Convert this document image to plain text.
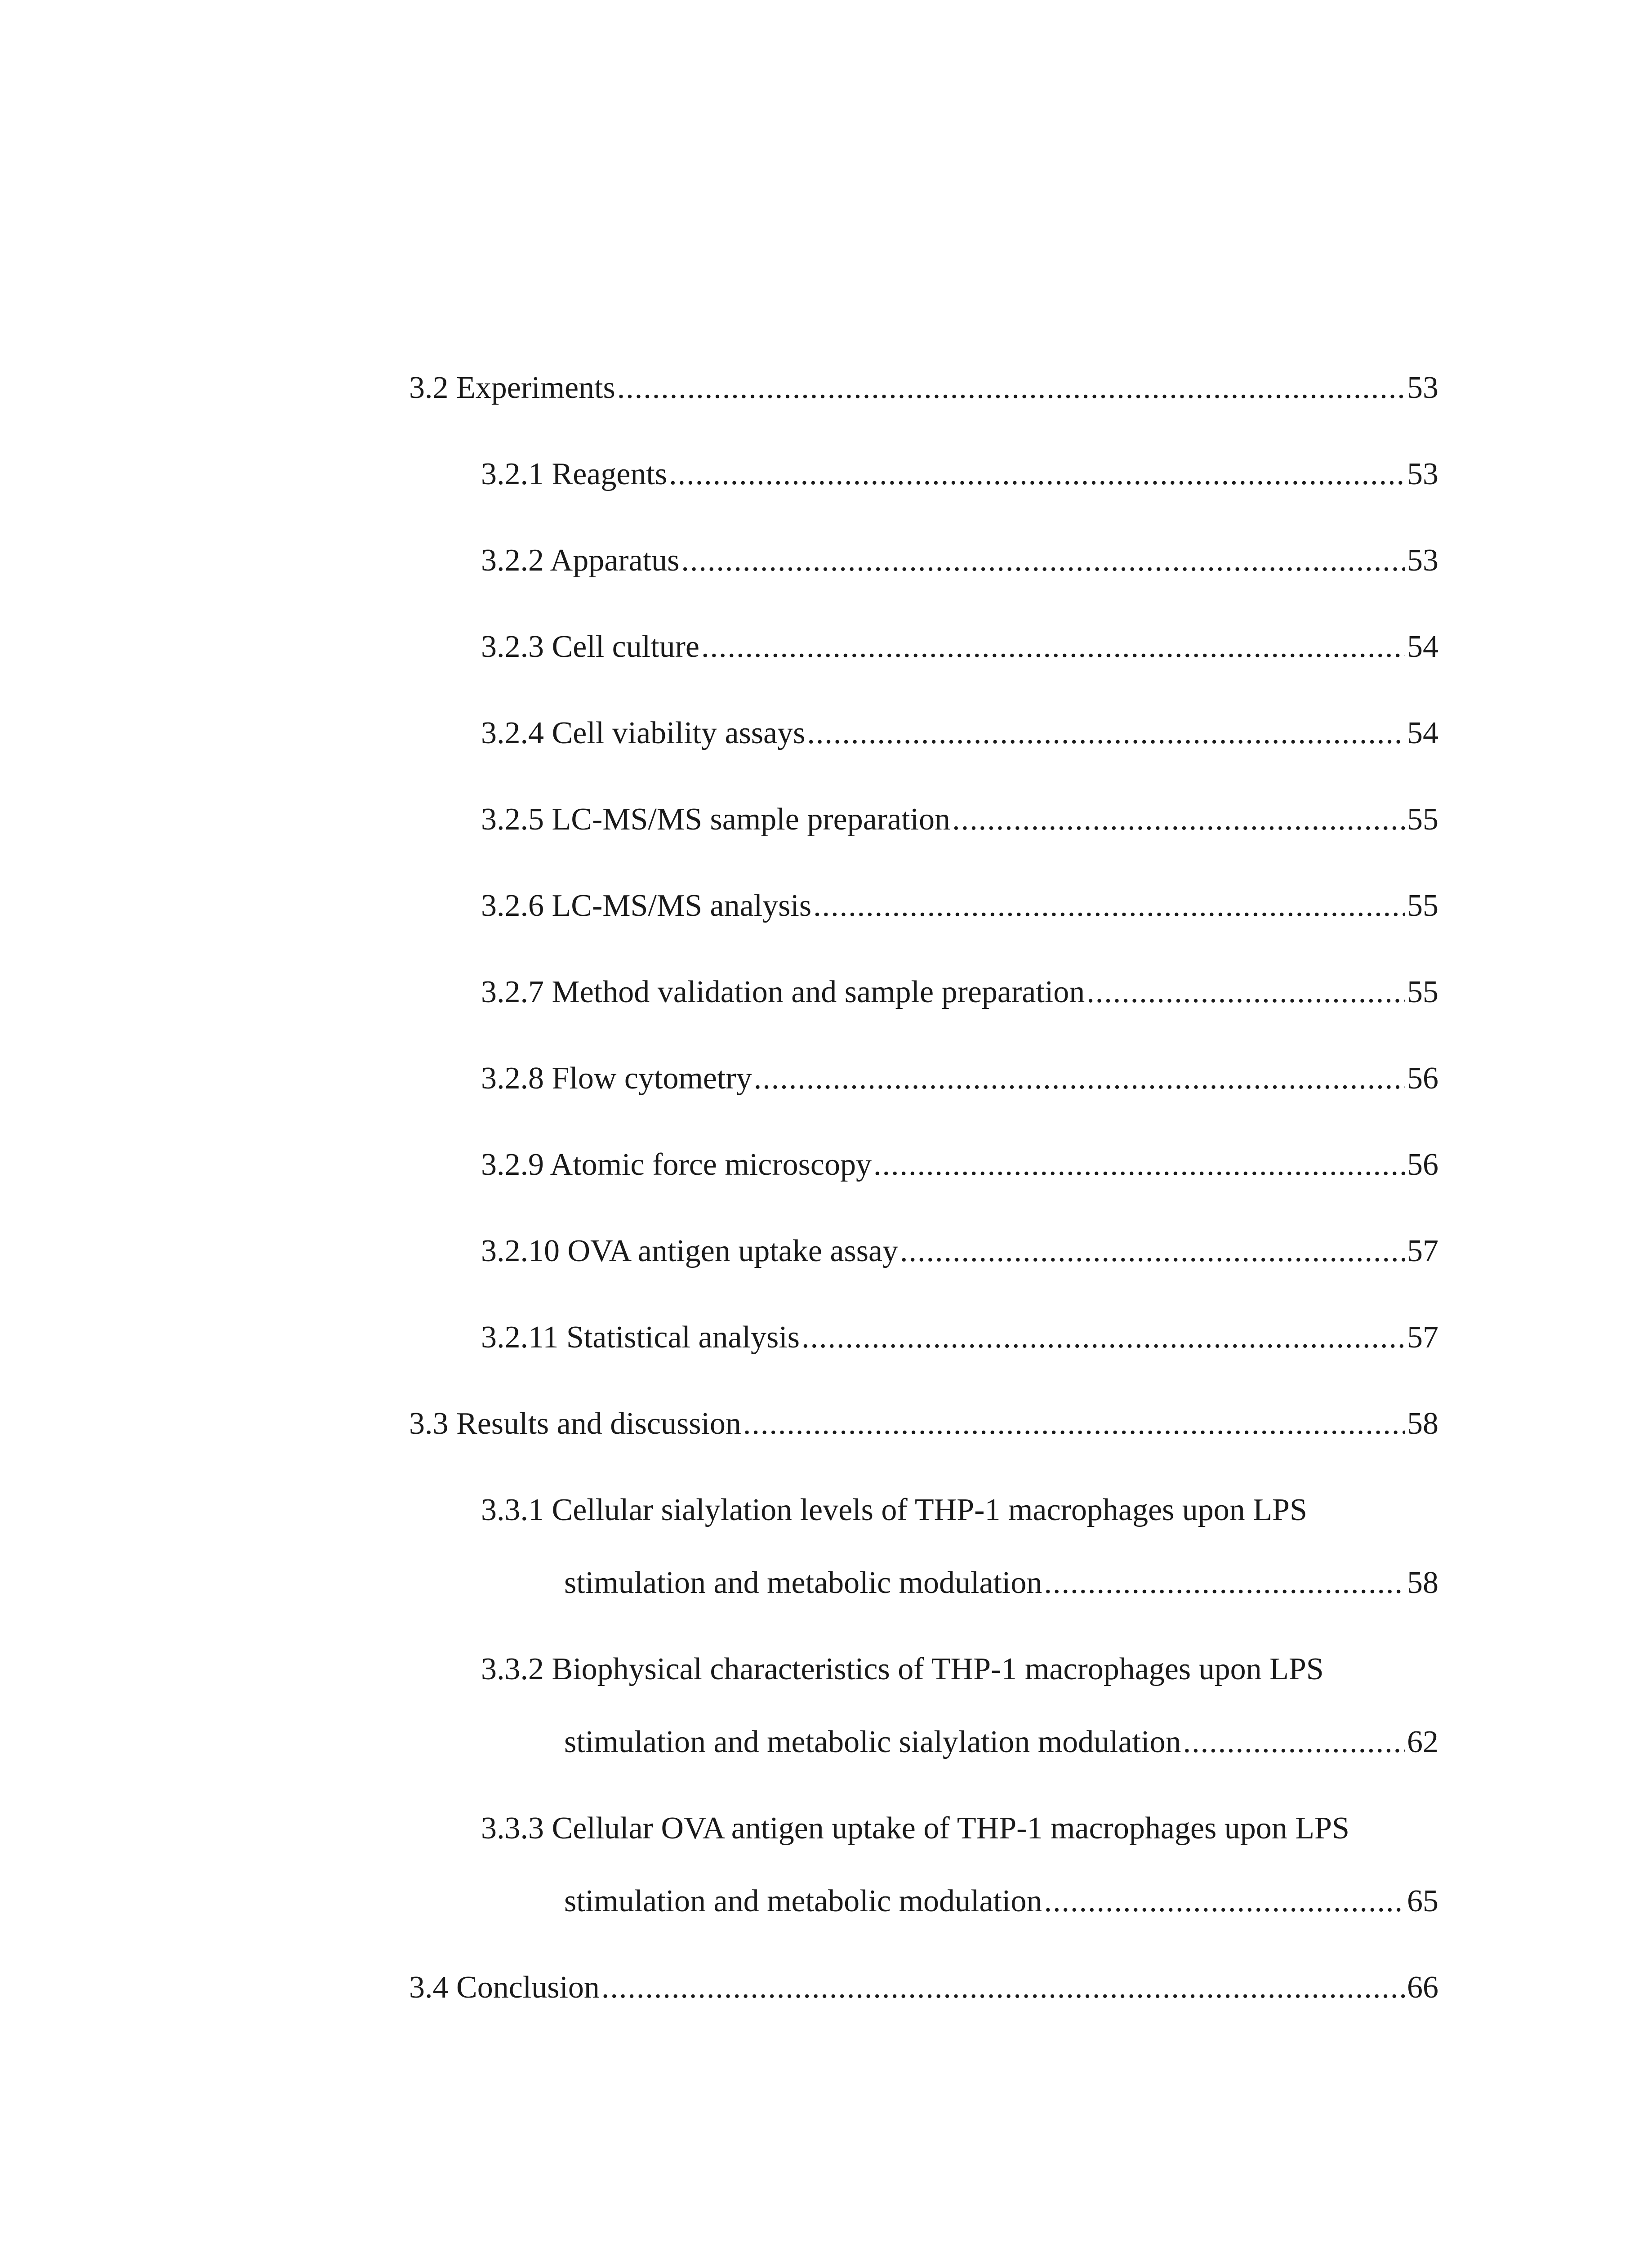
3.2 Experiments .....	53
3.2.1 Reagents .....	53
3.2.2 Apparatus .....	53
3.2.3 Cell culture .....	54
3.2.4 Cell viability assays .....	54
3.2.5 LC-MS/MS sample preparation .....	55
3.2.6 LC-MS/MS analysis .....	55
3.2.7 Method validation and sample preparation .....	55
3.2.8 Flow cytometry .....	56
3.2.9 Atomic force microscopy .....	56
3.2.10 OVA antigen uptake assay .....	57
3.2.11 Statistical analysis .....	57
3.3 Results and discussion .....	58
3.3.1 Cellular sialylation levels of THP-1 macrophages upon LPS
stimulation and metabolic modulation .....	58
3.3.2 Biophysical characteristics of THP-1 macrophages upon LPS
stimulation and metabolic sialylation modulation .....	62
3.3.3 Cellular OVA antigen uptake of THP-1 macrophages upon LPS
stimulation and metabolic modulation .....	65
3.4 Conclusion .....	66
